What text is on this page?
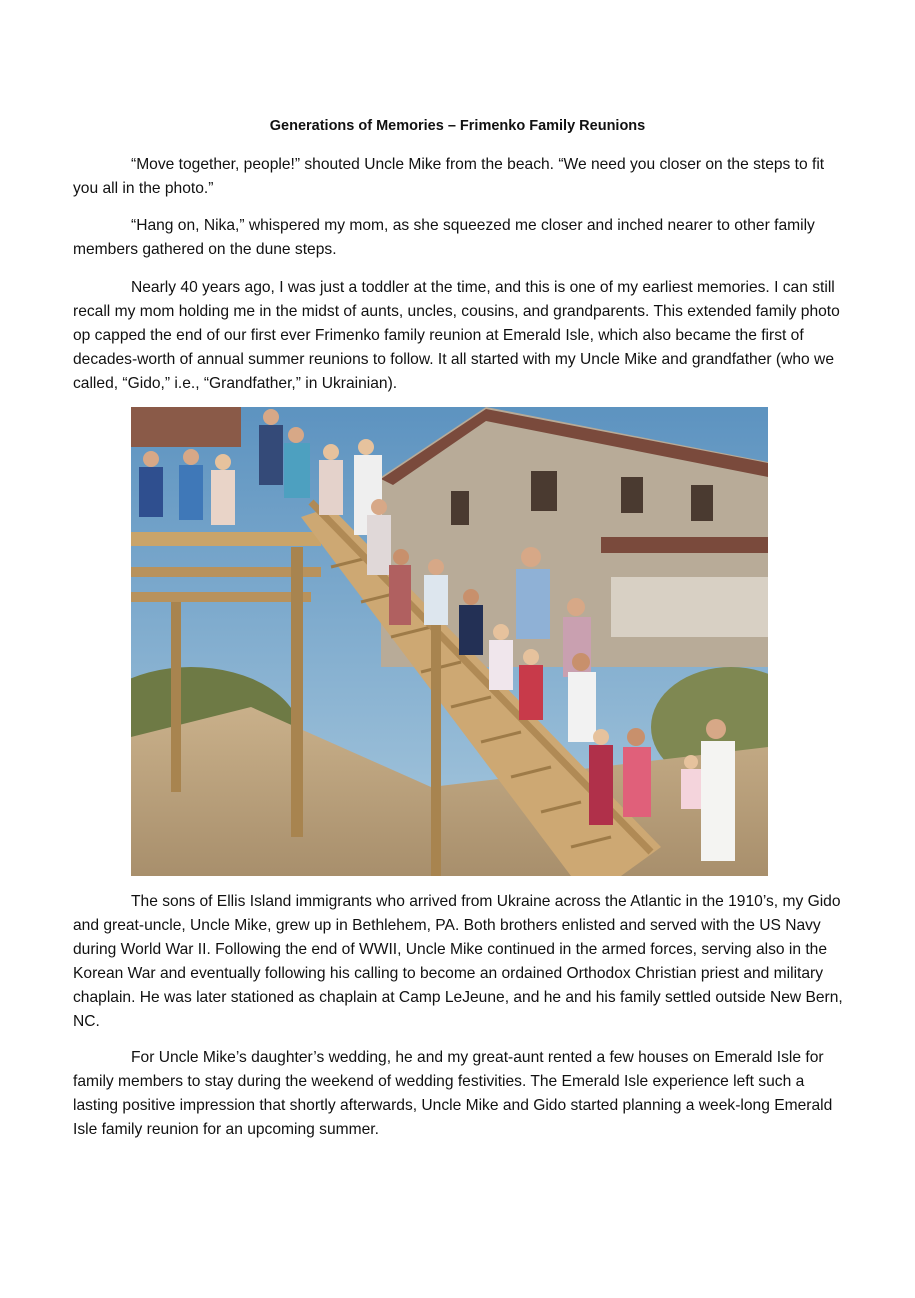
Generations of Memories – Frimenko Family Reunions

“Move together, people!” shouted Uncle Mike from the beach. “We need you closer on the steps to fit you all in the photo.”

“Hang on, Nika,” whispered my mom, as she squeezed me closer and inched nearer to other family members gathered on the dune steps.

Nearly 40 years ago, I was just a toddler at the time, and this is one of my earliest memories. I can still recall my mom holding me in the midst of aunts, uncles, cousins, and grandparents. This extended family photo op capped the end of our first ever Frimenko family reunion at Emerald Isle, which also became the first of decades-worth of annual summer reunions to follow. It all started with my Uncle Mike and grandfather (who we called, “Gido,” i.e., “Grandfather,” in Ukrainian).

The sons of Ellis Island immigrants who arrived from Ukraine across the Atlantic in the 1910’s, my Gido and great-uncle, Uncle Mike, grew up in Bethlehem, PA. Both brothers enlisted and served with the US Navy during World War II. Following the end of WWII, Uncle Mike continued in the armed forces, serving also in the Korean War and eventually following his calling to become an ordained Orthodox Christian priest and military chaplain. He was later stationed as chaplain at Camp LeJeune, and he and his family settled outside New Bern, NC.

For Uncle Mike’s daughter’s wedding, he and my great-aunt rented a few houses on Emerald Isle for family members to stay during the weekend of wedding festivities. The Emerald Isle experience left such a lasting positive impression that shortly afterwards, Uncle Mike and Gido started planning a week-long Emerald Isle family reunion for an upcoming summer.
